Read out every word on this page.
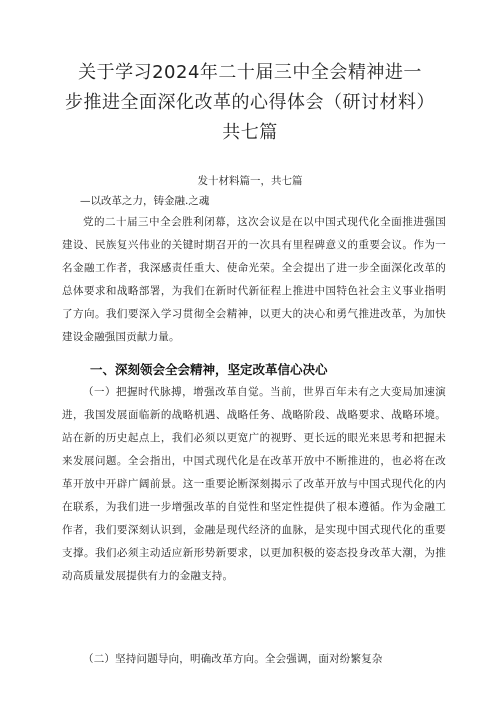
关于学习2024年二十届三中全会精神进一
步推进全面深化改革的心得体会（研讨材料）
共七篇
发十材料篇一，共七篇
—以改革之力，铸金融.之魂

党的二十届三中全会胜利闭幕，这次会议是在以中国式现代化全面推进强国建设、民族复兴伟业的关键时期召开的一次具有里程碑意义的重要会议。作为一名金融工作者，我深感责任重大、使命光荣。全会提出了进一步全面深化改革的总体要求和战略部署，为我们在新时代新征程上推进中国特色社会主义事业指明了方向。我们要深入学习贯彻全会精神，以更大的决心和勇气推进改革，为加快建设金融强国贡献力量。

一、深刻领会全会精神，坚定改革信心决心

（一）把握时代脉搏，增强改革自觉。当前，世界百年未有之大变局加速演进，我国发展面临新的战略机遇、战略任务、战略阶段、战略要求、战略环境。站在新的历史起点上，我们必须以更宽广的视野、更长远的眼光来思考和把握未来发展问题。全会指出，中国式现代化是在改革开放中不断推进的，也必将在改革开放中开辟广阔前景。这一重要论断深刻揭示了改革开放与中国式现代化的内在联系，为我们进一步增强改革的自觉性和坚定性提供了根本遵循。作为金融工作者，我们要深刻认识到，金融是现代经济的血脉，是实现中国式现代化的重要支撑。我们必须主动适应新形势新要求，以更加积极的姿态投身改革大潮，为推动高质量发展提供有力的金融支持。

（二）坚持问题导向，明确改革方向。全会强调，面对纷繁复杂
